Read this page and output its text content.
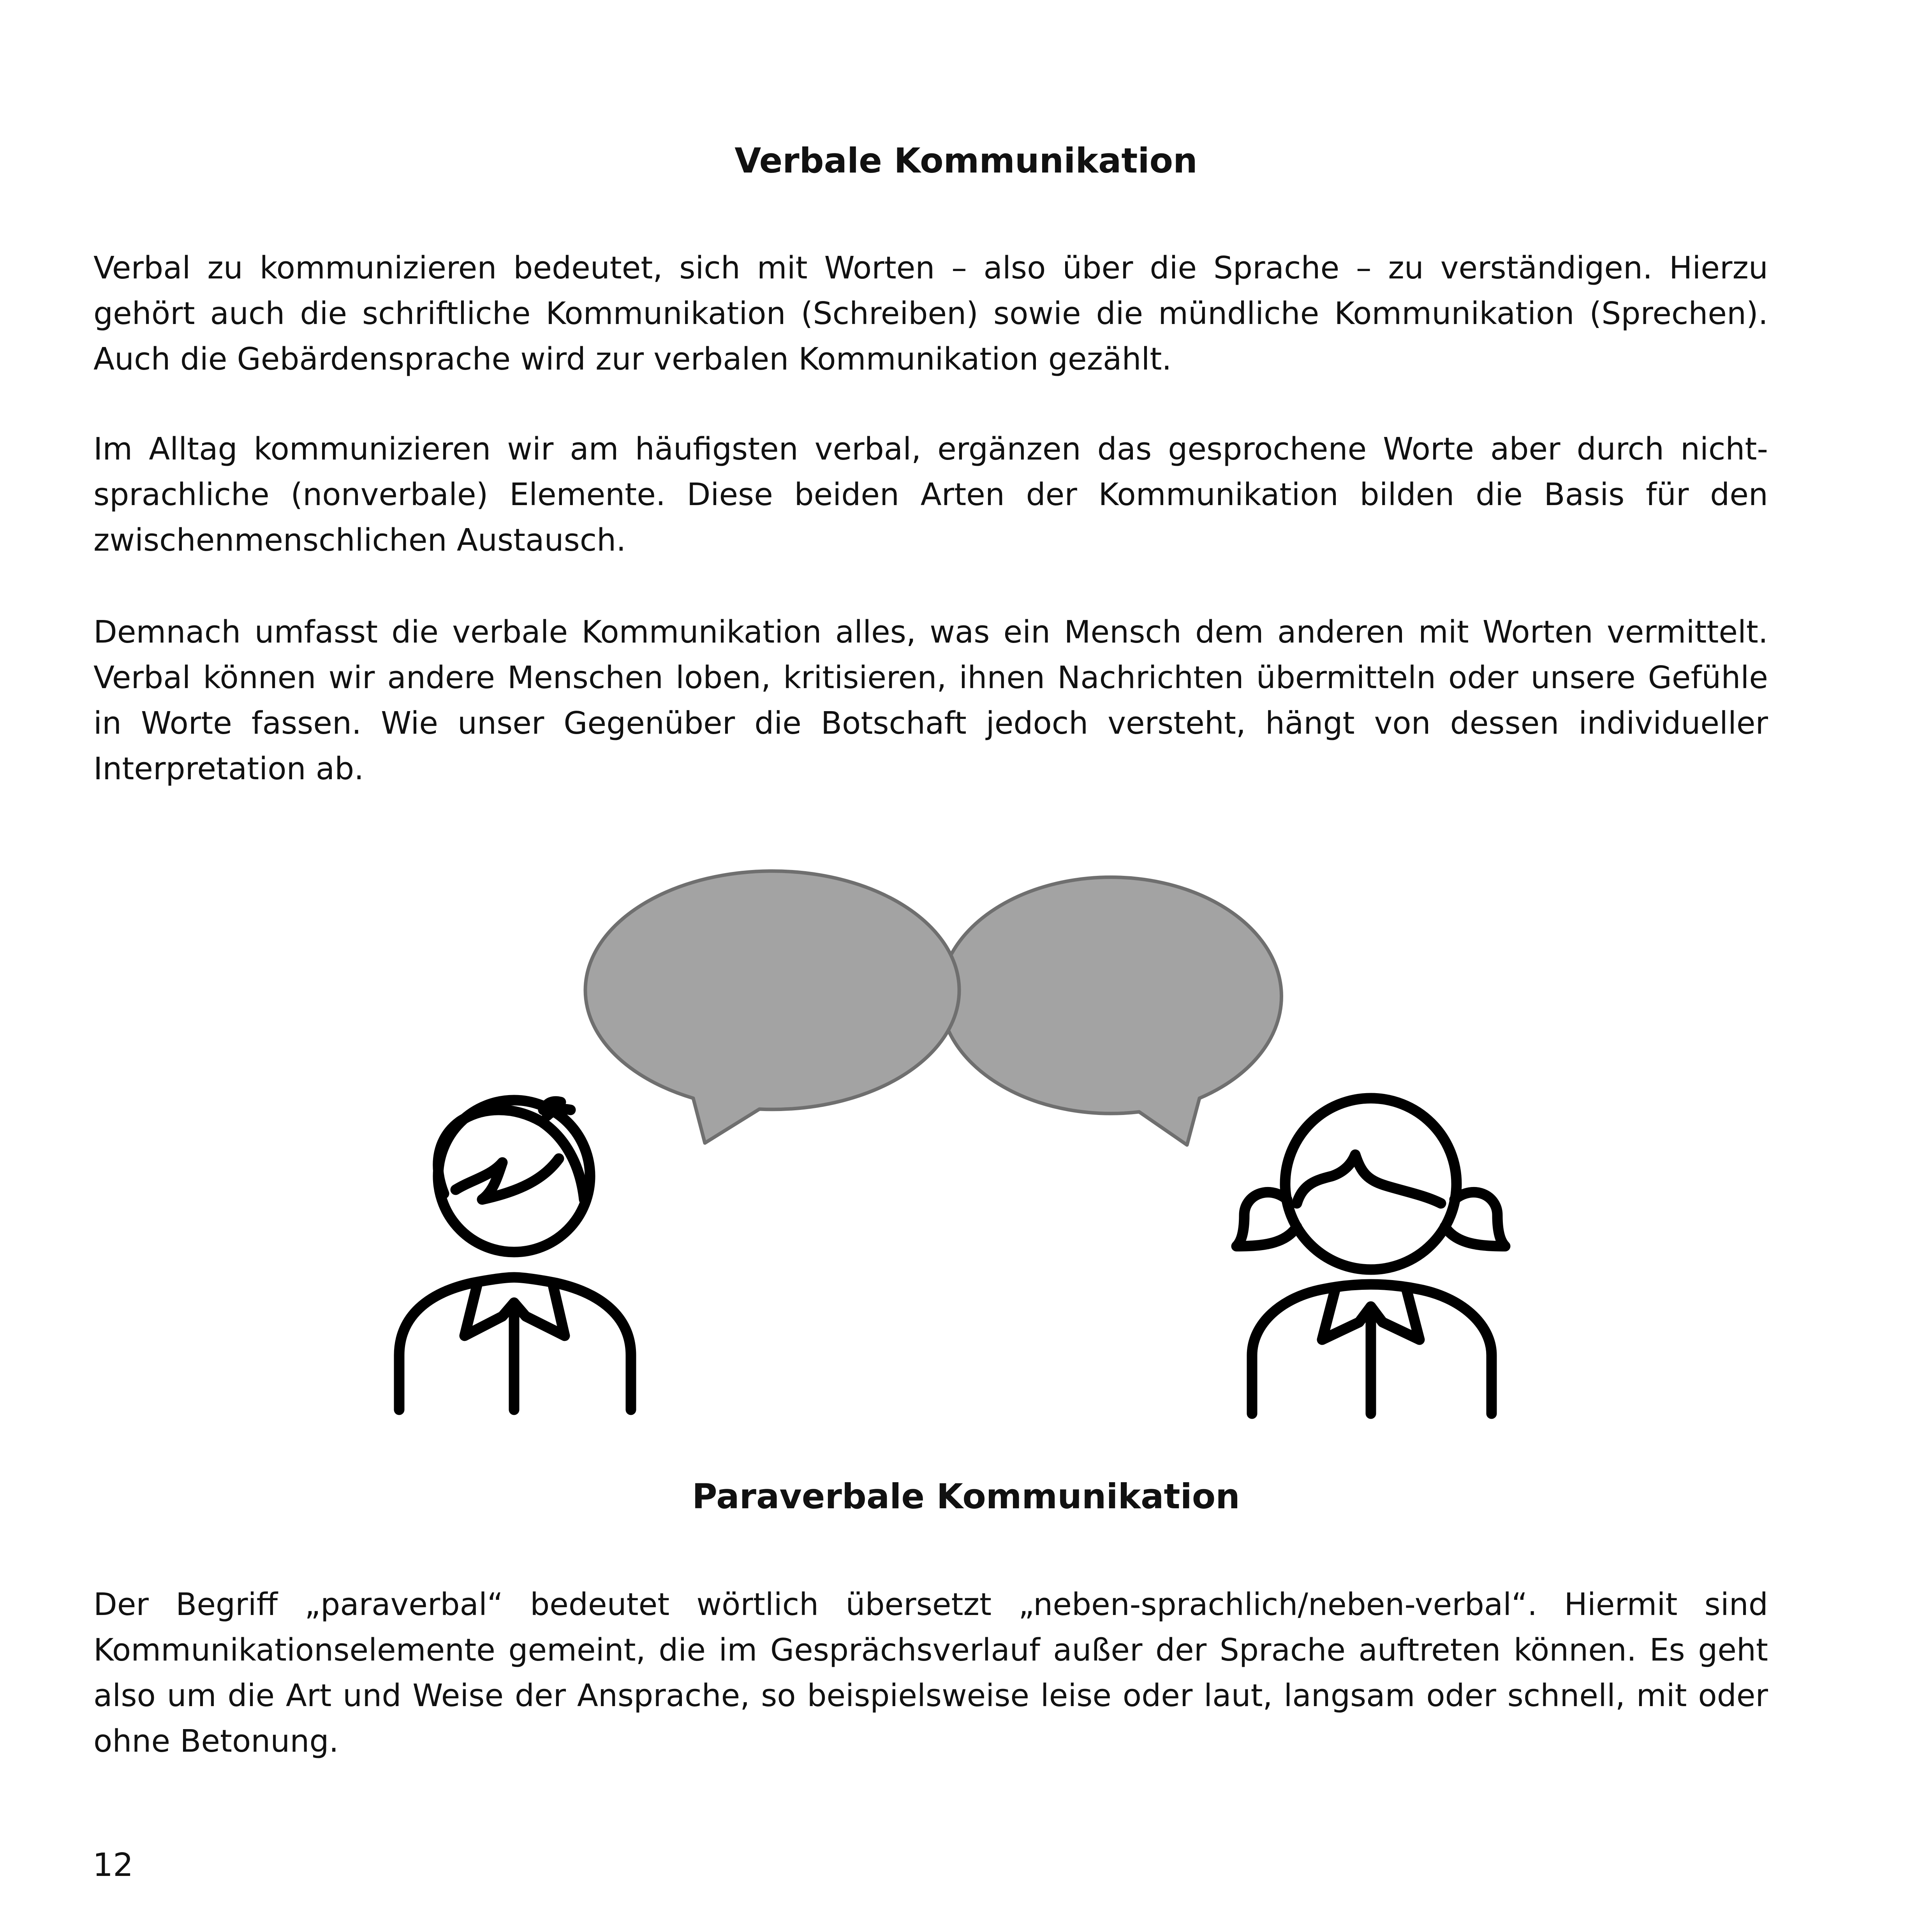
Verbale Kommunikation

Verbal zu kommunizieren bedeutet, sich mit Worten – also über die Sprache – zu verständigen. Hierzu gehört auch die schriftliche Kommunikation (Schreiben) sowie die mündliche Kommunikation (Sprechen). Auch die Gebärdensprache wird zur verbalen Kommunikation gezählt.

Im Alltag kommunizieren wir am häufigsten verbal, ergänzen das gesprochene Worte aber durch nichtsprachliche (nonverbale) Elemente. Diese beiden Arten der Kommunikation bilden die Basis für den zwischenmenschlichen Austausch.

Demnach umfasst die verbale Kommunikation alles, was ein Mensch dem anderen mit Worten vermittelt. Verbal können wir andere Menschen loben, kritisieren, ihnen Nachrichten übermitteln oder unsere Gefühle in Worte fassen. Wie unser Gegenüber die Botschaft jedoch versteht, hängt von dessen individueller Interpretation ab.

Paraverbale Kommunikation

Der Begriff „paraverbal“ bedeutet wörtlich übersetzt „neben-sprachlich/neben-verbal“. Hiermit sind Kommunikationselemente gemeint, die im Gesprächsverlauf außer der Sprache auftreten können. Es geht also um die Art und Weise der Ansprache, so beispielsweise leise oder laut, langsam oder schnell, mit oder ohne Betonung.

12
